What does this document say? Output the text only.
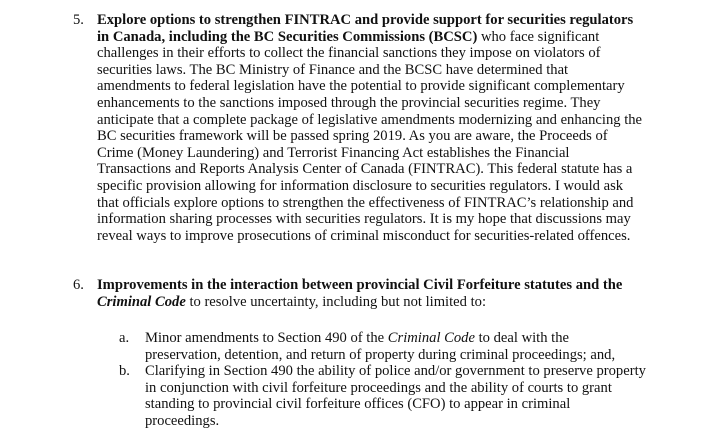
5. Explore options to strengthen FINTRAC and provide support for securities regulators
in Canada, including the BC Securities Commissions (BCSC) who face significant
challenges in their efforts to collect the financial sanctions they impose on violators of
securities laws. The BC Ministry of Finance and the BCSC have determined that
amendments to federal legislation have the potential to provide significant complementary
enhancements to the sanctions imposed through the provincial securities regime. They
anticipate that a complete package of legislative amendments modernizing and enhancing the
BC securities framework will be passed spring 2019. As you are aware, the Proceeds of
Crime (Money Laundering) and Terrorist Financing Act establishes the Financial
Transactions and Reports Analysis Center of Canada (FINTRAC). This federal statute has a
specific provision allowing for information disclosure to securities regulators. I would ask
that officials explore options to strengthen the effectiveness of FINTRAC’s relationship and
information sharing processes with securities regulators. It is my hope that discussions may
reveal ways to improve prosecutions of criminal misconduct for securities-related offences.
6. Improvements in the interaction between provincial Civil Forfeiture statutes and the
Criminal Code to resolve uncertainty, including but not limited to:
a. Minor amendments to Section 490 of the Criminal Code to deal with the
preservation, detention, and return of property during criminal proceedings; and,
b. Clarifying in Section 490 the ability of police and/or government to preserve property
in conjunction with civil forfeiture proceedings and the ability of courts to grant
standing to provincial civil forfeiture offices (CFO) to appear in criminal
proceedings.
